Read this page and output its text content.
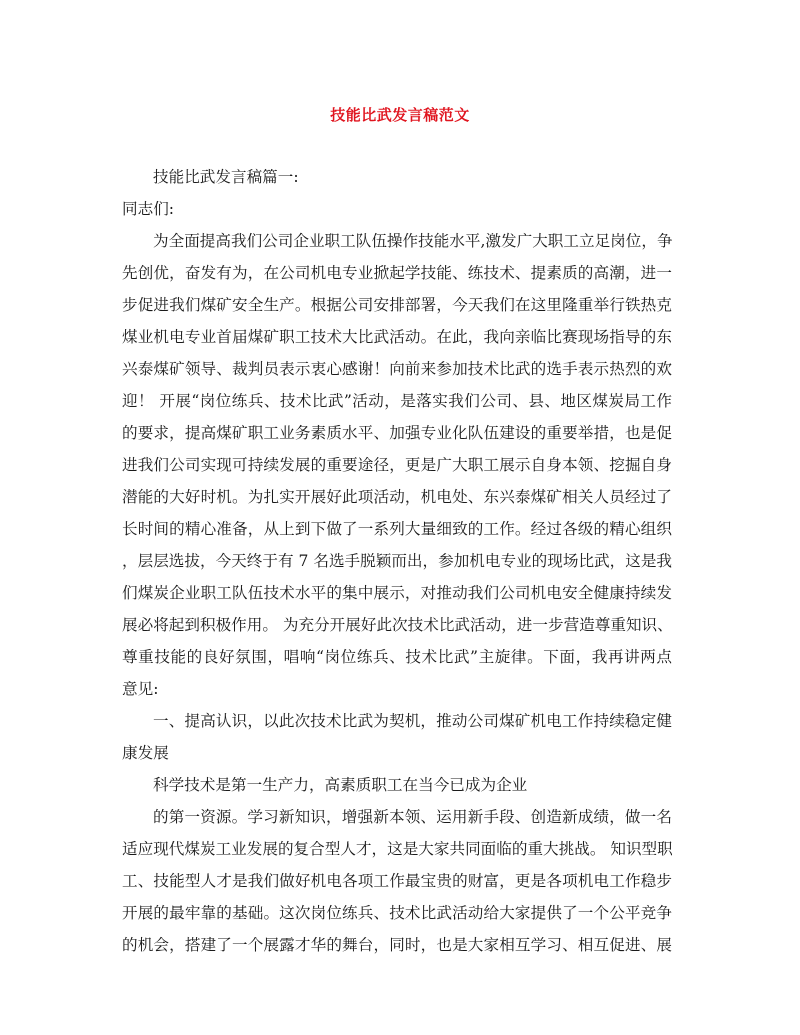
技能比武发言稿范文
技能比武发言稿篇一:
同志们:
为全面提高我们公司企业职工队伍操作技能水平,激发广大职工立足岗位，争
先创优，奋发有为，在公司机电专业掀起学技能、练技术、提素质的高潮，进一
步促进我们煤矿安全生产。根据公司安排部署，今天我们在这里隆重举行铁热克
煤业机电专业首届煤矿职工技术大比武活动。在此，我向亲临比赛现场指导的东
兴泰煤矿领导、裁判员表示衷心感谢！向前来参加技术比武的选手表示热烈的欢
迎！ 开展“岗位练兵、技术比武”活动，是落实我们公司、县、地区煤炭局工作
的要求，提高煤矿职工业务素质水平、加强专业化队伍建设的重要举措，也是促
进我们公司实现可持续发展的重要途径，更是广大职工展示自身本领、挖掘自身
潜能的大好时机。为扎实开展好此项活动，机电处、东兴泰煤矿相关人员经过了
长时间的精心准备，从上到下做了一系列大量细致的工作。经过各级的精心组织
，层层选拔，今天终于有 7 名选手脱颖而出，参加机电专业的现场比武，这是我
们煤炭企业职工队伍技术水平的集中展示，对推动我们公司机电安全健康持续发
展必将起到积极作用。 为充分开展好此次技术比武活动，进一步营造尊重知识、
尊重技能的良好氛围，唱响“岗位练兵、技术比武”主旋律。下面，我再讲两点
意见:
一、提高认识，以此次技术比武为契机，推动公司煤矿机电工作持续稳定健
康发展
科学技术是第一生产力，高素质职工在当今已成为企业
的第一资源。学习新知识，增强新本领、运用新手段、创造新成绩，做一名
适应现代煤炭工业发展的复合型人才，这是大家共同面临的重大挑战。 知识型职
工、技能型人才是我们做好机电各项工作最宝贵的财富，更是各项机电工作稳步
开展的最牢靠的基础。这次岗位练兵、技术比武活动给大家提供了一个公平竞争
的机会，搭建了一个展露才华的舞台，同时，也是大家相互学习、相互促进、展
